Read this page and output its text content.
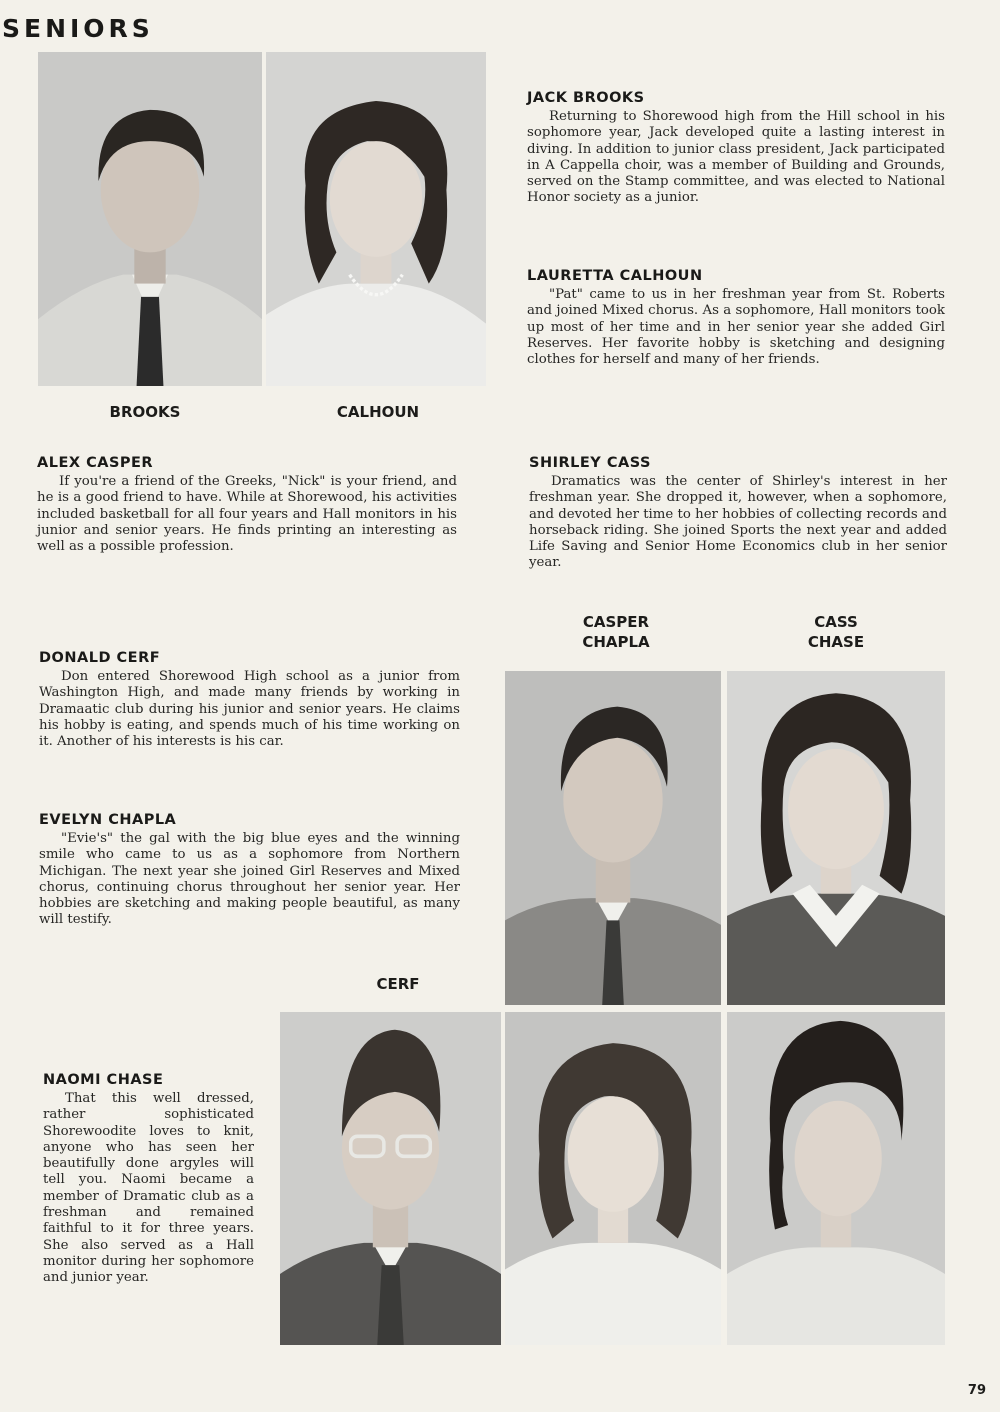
SENIORS
BROOKS	CALHOUN
CASPER
CHAPLA
CASS
CHASE
CERF
JACK BROOKS

Returning to Shorewood high from the Hill school in his sophomore year, Jack developed quite a lasting interest in diving. In addition to junior class president, Jack participated in A Cappella choir, was a member of Building and Grounds, served on the Stamp committee, and was elected to National Honor society as a junior.

LAURETTA CALHOUN

"Pat" came to us in her freshman year from St. Roberts and joined Mixed chorus. As a sophomore, Hall monitors took up most of her time and in her senior year she added Girl Reserves. Her favorite hobby is sketching and designing clothes for herself and many of her friends.

ALEX CASPER

If you're a friend of the Greeks, "Nick" is your friend, and he is a good friend to have. While at Shorewood, his activities included basketball for all four years and Hall monitors in his junior and senior years. He finds printing an interesting as well as a possible profession.

SHIRLEY CASS

Dramatics was the center of Shirley's interest in her freshman year. She dropped it, however, when a sophomore, and devoted her time to her hobbies of collecting records and horseback riding. She joined Sports the next year and added Life Saving and Senior Home Economics club in her senior year.

DONALD CERF

Don entered Shorewood High school as a junior from Washington High, and made many friends by working in Dramaatic club during his junior and senior years. He claims his hobby is eating, and spends much of his time working on it. Another of his interests is his car.

EVELYN CHAPLA

"Evie's" the gal with the big blue eyes and the winning smile who came to us as a sophomore from Northern Michigan. The next year she joined Girl Reserves and Mixed chorus, continuing chorus throughout her senior year. Her hobbies are sketching and making people beautiful, as many will testify.

NAOMI CHASE

That this well dressed, rather sophisticated Shorewoodite loves to knit, anyone who has seen her beautifully done argyles will tell you. Naomi became a member of Dramatic club as a freshman and remained faithful to it for three years. She also served as a Hall monitor during her sophomore and junior year.

79
